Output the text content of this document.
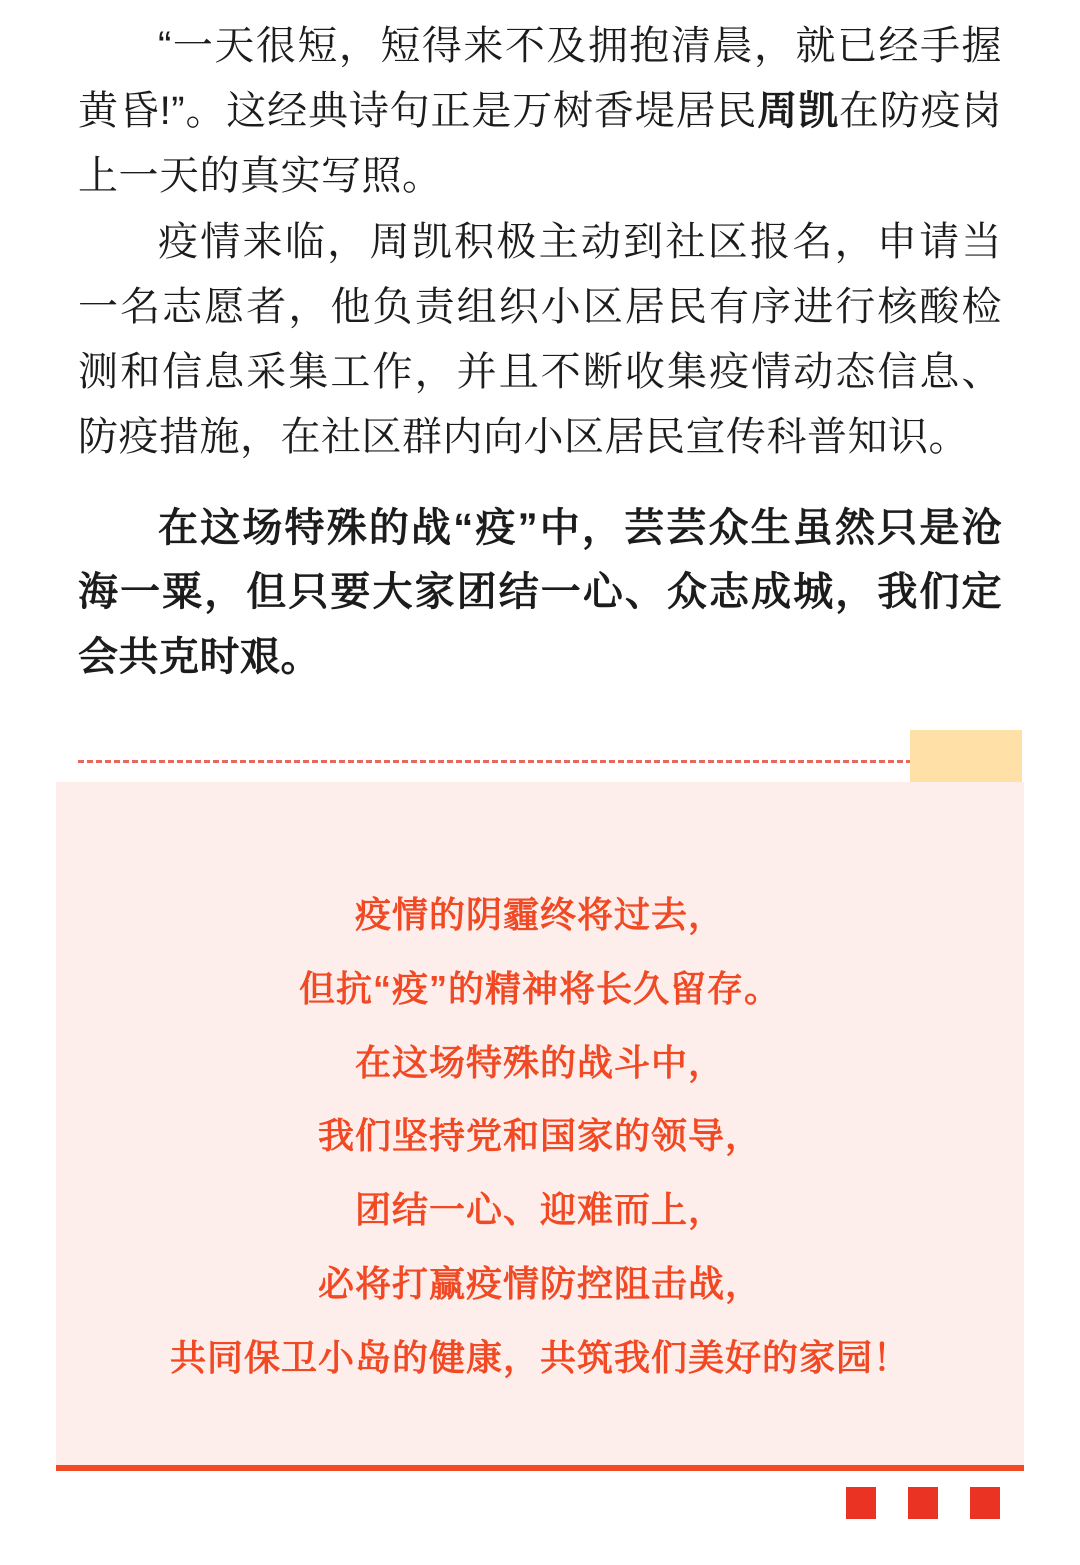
“一天很短，短得来不及拥抱清晨，就已经手握黄昏!”。这经典诗句正是万树香堤居民周凯在防疫岗上一天的真实写照。

疫情来临，周凯积极主动到社区报名，申请当一名志愿者，他负责组织小区居民有序进行核酸检测和信息采集工作，并且不断收集疫情动态信息、防疫措施，在社区群内向小区居民宣传科普知识。

在这场特殊的战“疫”中，芸芸众生虽然只是沧海一粟，但只要大家团结一心、众志成城，我们定会共克时艰。

疫情的阴霾终将过去，
但抗“疫”的精神将长久留存。
在这场特殊的战斗中，
我们坚持党和国家的领导，
团结一心、迎难而上，
必将打赢疫情防控阻击战，
共同保卫小岛的健康，共筑我们美好的家园！
